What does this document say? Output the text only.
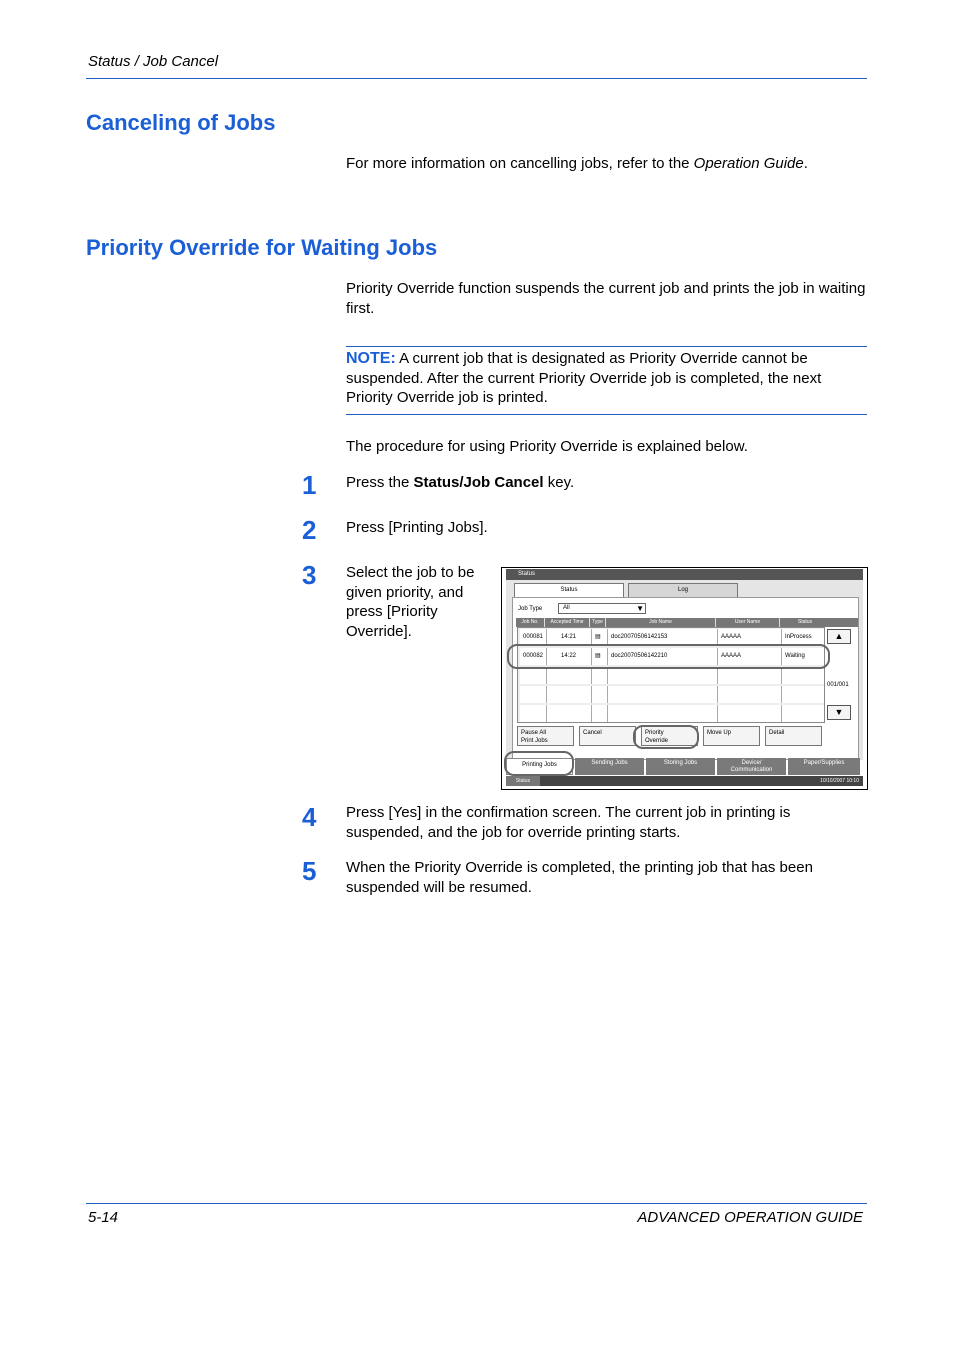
Status / Job Cancel
Canceling of Jobs
For more information on cancelling jobs, refer to the Operation Guide.
Priority Override for Waiting Jobs
Priority Override function suspends the current job and prints the job in waiting first.
NOTE: A current job that is designated as Priority Override cannot be suspended. After the current Priority Override job is completed, the next Priority Override job is printed.
The procedure for using Priority Override is explained below.
1 Press the Status/Job Cancel key.
2 Press [Printing Jobs].
3 Select the job to be given priority, and press [Priority Override].
Status
Status	Log
Job Type	All	▼
Job No.	Accepted Time	Type	Job Name	User Name	Status
000081	14:21	▤	doc20070506142153	AAAAA	InProcess
000082	14:22	▤	doc20070506142210	AAAAA	Waiting
▲
001/001
▼
Pause All
Print Jobs
Cancel	Priority
Override
Move Up	Detail
Printing Jobs	Sending Jobs	Storing Jobs	Device/
Communication
Paper/Supplies
Status	10/10/2007 10:10
4 Press [Yes] in the confirmation screen. The current job in printing is suspended, and the job for override printing starts.
5 When the Priority Override is completed, the printing job that has been suspended will be resumed.
5-14	ADVANCED OPERATION GUIDE
